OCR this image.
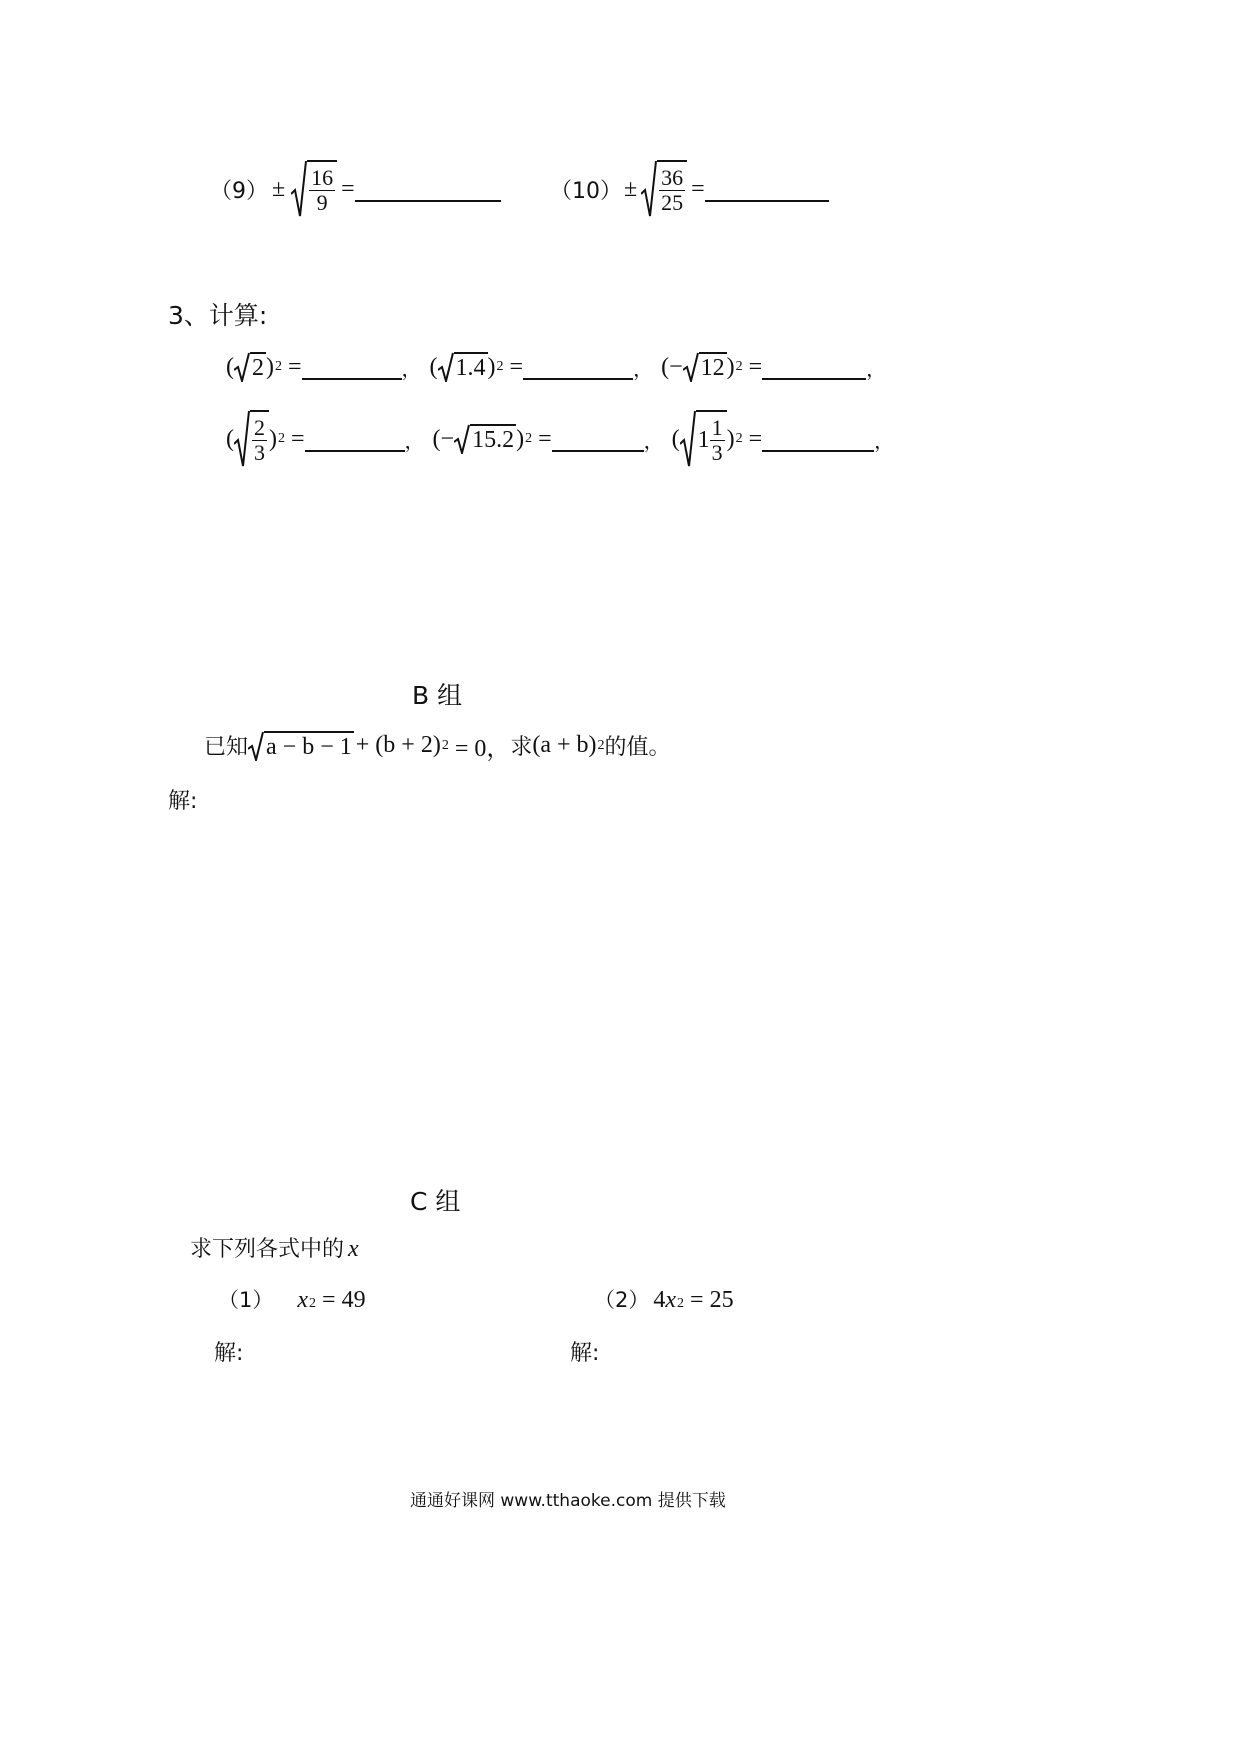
$(9) \pm \frac{16}{9}$ =	$(10) \pm \frac{36}{25}$ =
3、计算:
( 2 ) 2 =	， ( 1.4 ) 2 =	， (− 12 ) 2 =	，
( $\frac{2}{3}$ ) 2 =	， (− 15.2 ) 2 =	， ( $1 \frac{1}{3}$ ) 2 =	，
B 组
已知 a − b − 1 + (b + 2) 2 = 0， 求 (a + b) 2 的值。
解:
C 组
求下列各式中的 x
（1） x 2 = 49	（2） 4 x 2 = 25
解:	解:
通通好课网 www.tthaoke.com 提供下载
